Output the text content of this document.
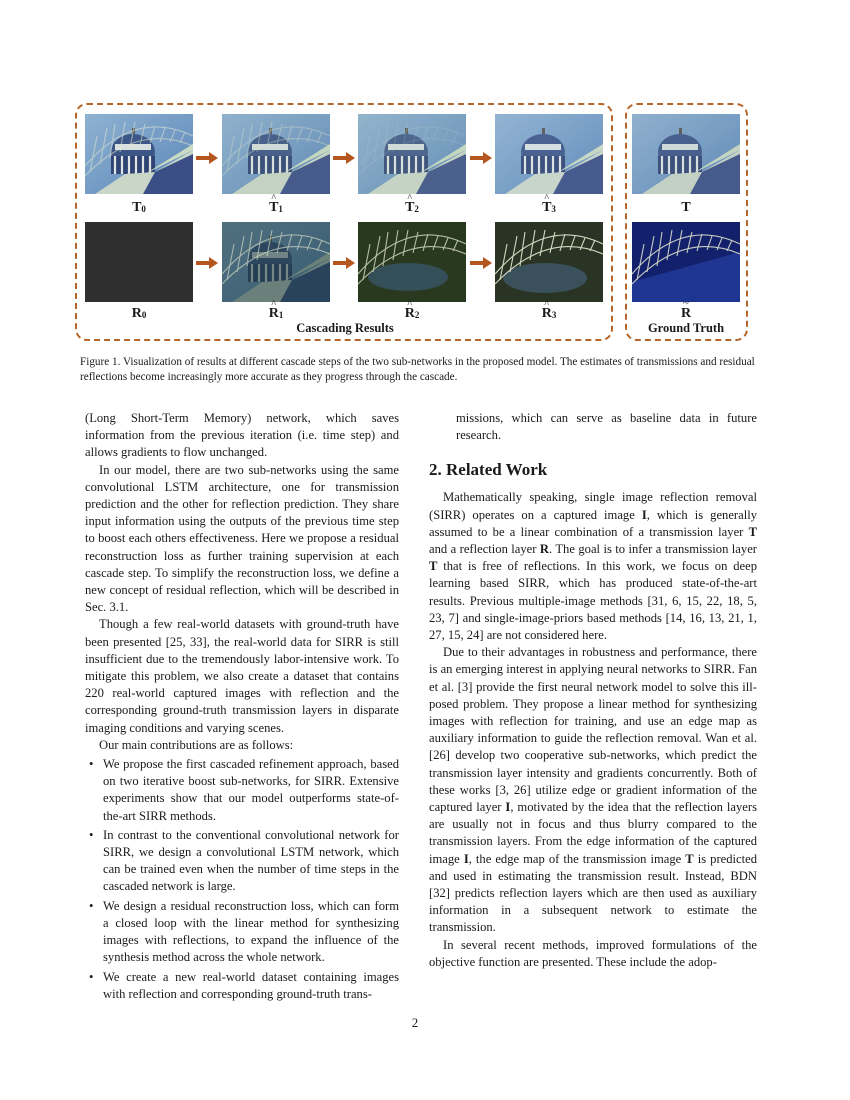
$T_0$	^ $T_1$	^ $T_2$	^ $T_3$	T
$R_0$	^ $R_1$	^ $R_2$	^ $R_3$	~ R
Cascading Results	Ground Truth
Figure 1. Visualization of results at different cascade steps of the two sub-networks in the proposed model. The estimates of transmissions and residual reflections become increasingly more accurate as they progress through the cascade.

(Long Short-Term Memory) network, which saves information from the previous iteration (i.e. time step) and allows gradients to flow unchanged.

In our model, there are two sub-networks using the same convolutional LSTM architecture, one for transmission prediction and the other for reflection prediction. They share input information using the outputs of the previous time step to boost each others effectiveness. Here we propose a residual reconstruction loss as further training supervision at each cascade step. To simplify the reconstruction loss, we define a new concept of residual reflection, which will be described in Sec. 3.1.

Though a few real-world datasets with ground-truth have been presented [25, 33], the real-world data for SIRR is still insufficient due to the tremendously labor-intensive work. To mitigate this problem, we also create a dataset that contains 220 real-world captured images with reflection and the corresponding ground-truth transmission layers in disparate imaging conditions and varying scenes.

Our main contributions are as follows:

• We propose the first cascaded refinement approach, based on two iterative boost sub-networks, for SIRR. Extensive experiments show that our model outperforms state-of-the-art SIRR methods.
• In contrast to the conventional convolutional network for SIRR, we design a convolutional LSTM network, which can be trained even when the number of time steps in the cascaded network is large.
• We design a residual reconstruction loss, which can form a closed loop with the linear method for synthesizing images with reflections, to expand the influence of the synthesis method across the whole network.
• We create a new real-world dataset containing images with reflection and corresponding ground-truth trans-

missions, which can serve as baseline data in future research.

2. Related Work

Mathematically speaking, single image reflection removal (SIRR) operates on a captured image I, which is generally assumed to be a linear combination of a transmission layer T and a reflection layer R. The goal is to infer a transmission layer T that is free of reflections. In this work, we focus on deep learning based SIRR, which has produced state-of-the-art results. Previous multiple-image methods [31, 6, 15, 22, 18, 5, 23, 7] and single-image-priors based methods [14, 16, 13, 21, 1, 27, 15, 24] are not considered here.

Due to their advantages in robustness and performance, there is an emerging interest in applying neural networks to SIRR. Fan et al. [3] provide the first neural network model to solve this ill-posed problem. They propose a linear method for synthesizing images with reflection for training, and use an edge map as auxiliary information to guide the reflection removal. Wan et al. [26] develop two cooperative sub-networks, which predict the transmission layer intensity and gradients concurrently. Both of these works [3, 26] utilize edge or gradient information of the captured layer I, motivated by the idea that the reflection layers are usually not in focus and thus blurry compared to the transmission layers. From the edge information of the captured image I, the edge map of the transmission image T is predicted and used in estimating the transmission result. Instead, BDN [32] predicts reflection layers which are then used as auxiliary information in a subsequent network to estimate the transmission.

In several recent methods, improved formulations of the objective function are presented. These include the adop-

2
